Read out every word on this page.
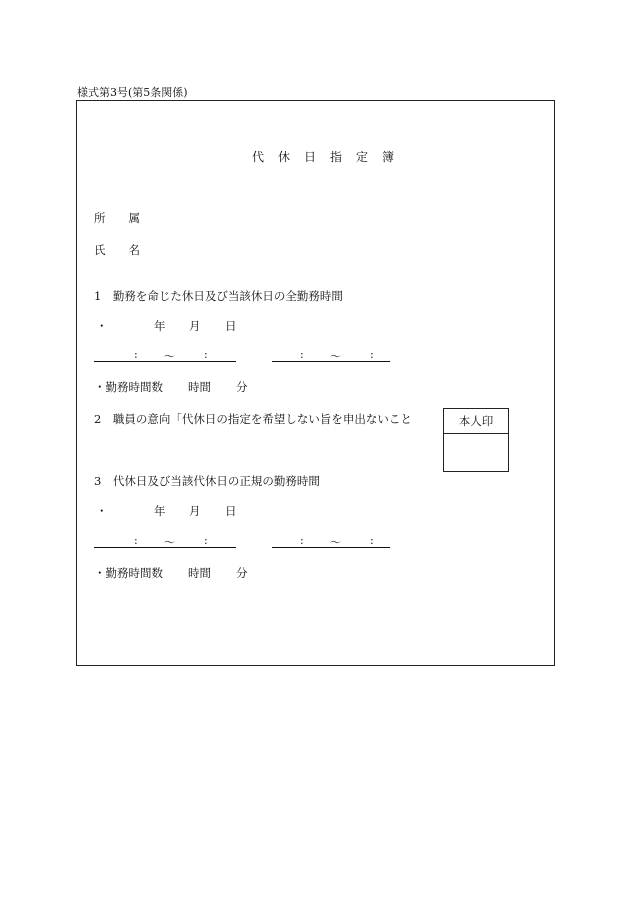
様式第3号(第5条関係)
代休日指定簿
所　　属
氏　　名
1　勤務を命じた休日及び当該休日の全勤務時間
・	年 月 日
: 〜	:	: 〜	:
・勤務時間数 時間 分
2　職員の意向「代休日の指定を希望しない旨を申出ないこと	本人印
3　代休日及び当該代休日の正規の勤務時間
・	年 月 日
: 〜	:	: 〜	:
・勤務時間数 時間 分
